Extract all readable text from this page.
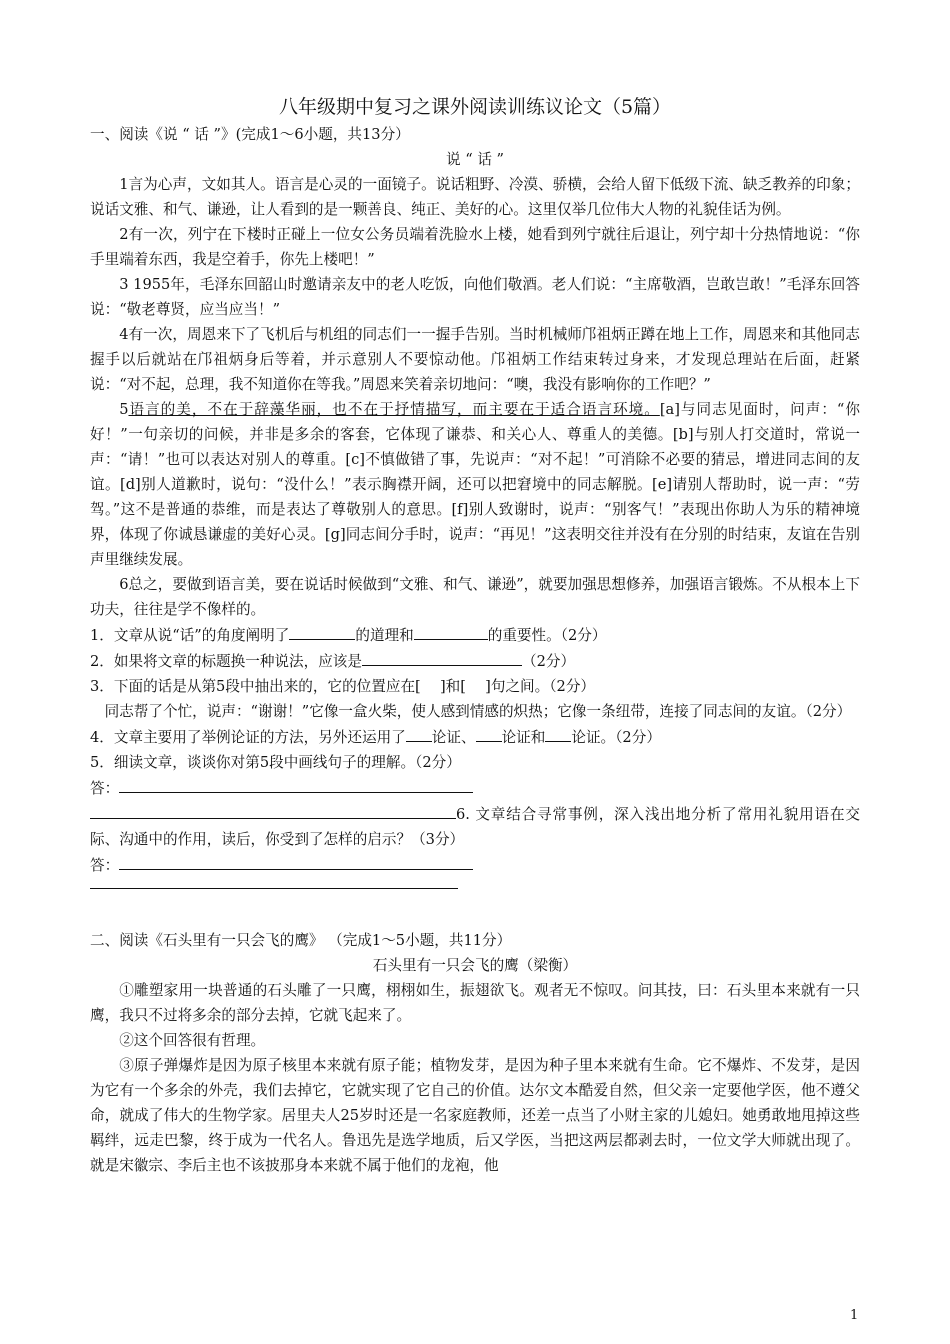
八年级期中复习之课外阅读训练议论文（5篇）

一、阅读《说 “ 话 ”》(完成1～6小题，共13分）

说 “ 话 ”

1言为心声，文如其人。语言是心灵的一面镜子。说话粗野、冷漠、骄横，会给人留下低级下流、缺乏教养的印象；说话文雅、和气、谦逊，让人看到的是一颗善良、纯正、美好的心。这里仅举几位伟大人物的礼貌佳话为例。

2有一次，列宁在下楼时正碰上一位女公务员端着洗脸水上楼，她看到列宁就往后退让，列宁却十分热情地说：“你手里端着东西，我是空着手，你先上楼吧！”

3 1955年，毛泽东回韶山时邀请亲友中的老人吃饭，向他们敬酒。老人们说：“主席敬酒，岂敢岂敢！”毛泽东回答说：“敬老尊贤，应当应当！”

4有一次，周恩来下了飞机后与机组的同志们一一握手告别。当时机械师邝祖炳正蹲在地上工作，周恩来和其他同志握手以后就站在邝祖炳身后等着，并示意别人不要惊动他。邝祖炳工作结束转过身来，才发现总理站在后面，赶紧说：“对不起，总理，我不知道你在等我。”周恩来笑着亲切地问：“噢，我没有影响你的工作吧？”

5语言的美，不在于辞藻华丽，也不在于抒情描写，而主要在于适合语言环境。[a]与同志见面时，问声：“你好！”一句亲切的问候，并非是多余的客套，它体现了谦恭、和关心人、尊重人的美德。[b]与别人打交道时，常说一声：“请！”也可以表达对别人的尊重。[c]不慎做错了事，先说声：“对不起！”可消除不必要的猜忌，增进同志间的友谊。[d]别人道歉时，说句：“没什么！”表示胸襟开阔，还可以把窘境中的同志解脱。[e]请别人帮助时，说一声：“劳驾。”这不是普通的恭维，而是表达了尊敬别人的意思。[f]别人致谢时，说声：“别客气！”表现出你助人为乐的精神境界，体现了你诚恳谦虚的美好心灵。[g]同志间分手时，说声：“再见！”这表明交往并没有在分别的时结束，友谊在告别声里继续发展。

6总之，要做到语言美，要在说话时候做到“文雅、和气、谦逊”，就要加强思想修养，加强语言锻炼。不从根本上下功夫，往往是学不像样的。

1．文章从说“话”的角度阐明了	的道理和	的重要性。（2分）

2．如果将文章的标题换一种说法，应该是	（2分）

3．下面的话是从第5段中抽出来的，它的位置应在[　 ]和[　 ]句之间。（2分）

同志帮了个忙，说声：“谢谢！”它像一盒火柴，使人感到情感的炽热；它像一条纽带，连接了同志间的友谊。（2分）

4．文章主要用了举例论证的方法，另外还运用了 论证、 论证和 论证。（2分）

5．细读文章，谈谈你对第5段中画线句子的理解。（2分）

答：

6. 文章结合寻常事例，深入浅出地分析了常用礼貌用语在交际、沟通中的作用，读后，你受到了怎样的启示？（3分）

答：

二、阅读《石头里有一只会飞的鹰》 （完成1～5小题，共11分）

石头里有一只会飞的鹰（梁衡）

①雕塑家用一块普通的石头雕了一只鹰，栩栩如生，振翅欲飞。观者无不惊叹。问其技，曰：石头里本来就有一只鹰，我只不过将多余的部分去掉，它就飞起来了。

②这个回答很有哲理。

③原子弹爆炸是因为原子核里本来就有原子能；植物发芽，是因为种子里本来就有生命。它不爆炸、不发芽，是因为它有一个多余的外壳，我们去掉它，它就实现了它自己的价值。达尔文本酷爱自然，但父亲一定要他学医，他不遵父命，就成了伟大的生物学家。居里夫人25岁时还是一名家庭教师，还差一点当了小财主家的儿媳妇。她勇敢地甩掉这些羁绊，远走巴黎，终于成为一代名人。鲁迅先是选学地质，后又学医，当把这两层都剥去时，一位文学大师就出现了。就是宋徽宗、李后主也不该披那身本来就不属于他们的龙袍，他

1
